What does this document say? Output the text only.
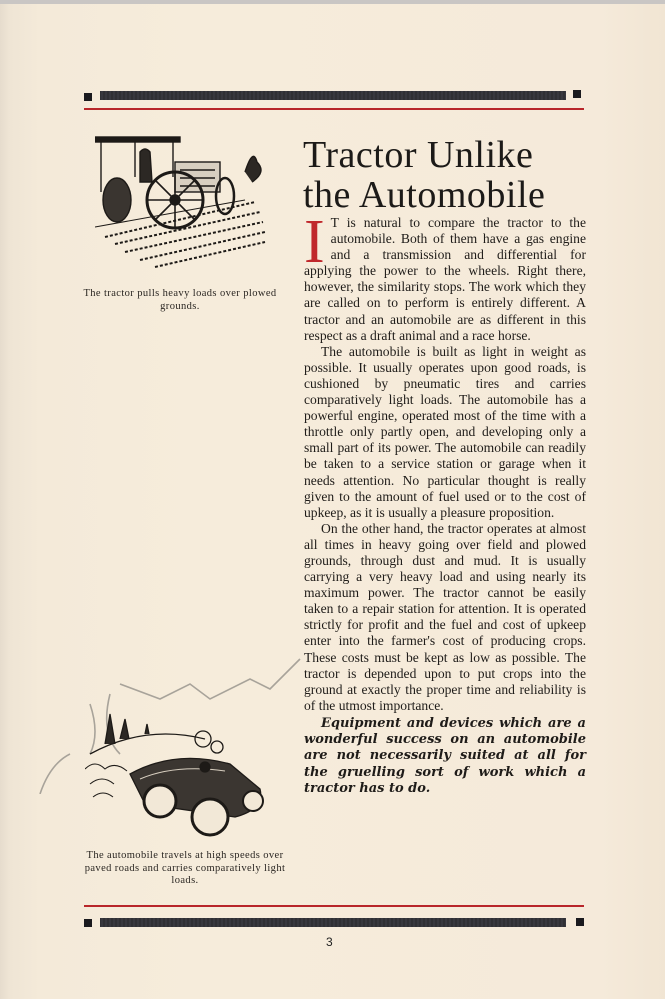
The tractor pulls heavy loads over plowed grounds.
Tractor Unlike
the Automobile

I T is natural to compare the tractor to the automobile. Both of them have a gas engine and a transmission and differential for applying the power to the wheels. Right there, however, the similarity stops. The work which they are called on to perform is entirely different. A tractor and an automobile are as different in this respect as a draft animal and a race horse.

The automobile is built as light in weight as possible. It usually operates upon good roads, is cushioned by pneumatic tires and carries comparatively light loads. The automobile has a powerful engine, operated most of the time with a throttle only partly open, and developing only a small part of its power. The automobile can readily be taken to a service station or garage when it needs attention. No particular thought is really given to the amount of fuel used or to the cost of upkeep, as it is usually a pleasure proposition.

On the other hand, the tractor operates at almost all times in heavy going over field and plowed grounds, through dust and mud. It is usually carrying a very heavy load and using nearly its maximum power. The tractor cannot be easily taken to a repair station for attention. It is operated strictly for profit and the fuel and cost of upkeep enter into the farmer's cost of producing crops. These costs must be kept as low as possible. The tractor is depended upon to put crops into the ground at exactly the proper time and reliability is of the utmost importance.

Equipment and devices which are a wonderful success on an automobile are not necessarily suited at all for the gruelling sort of work which a tractor has to do.

The automobile travels at high speeds over paved roads and carries comparatively light loads.
3
